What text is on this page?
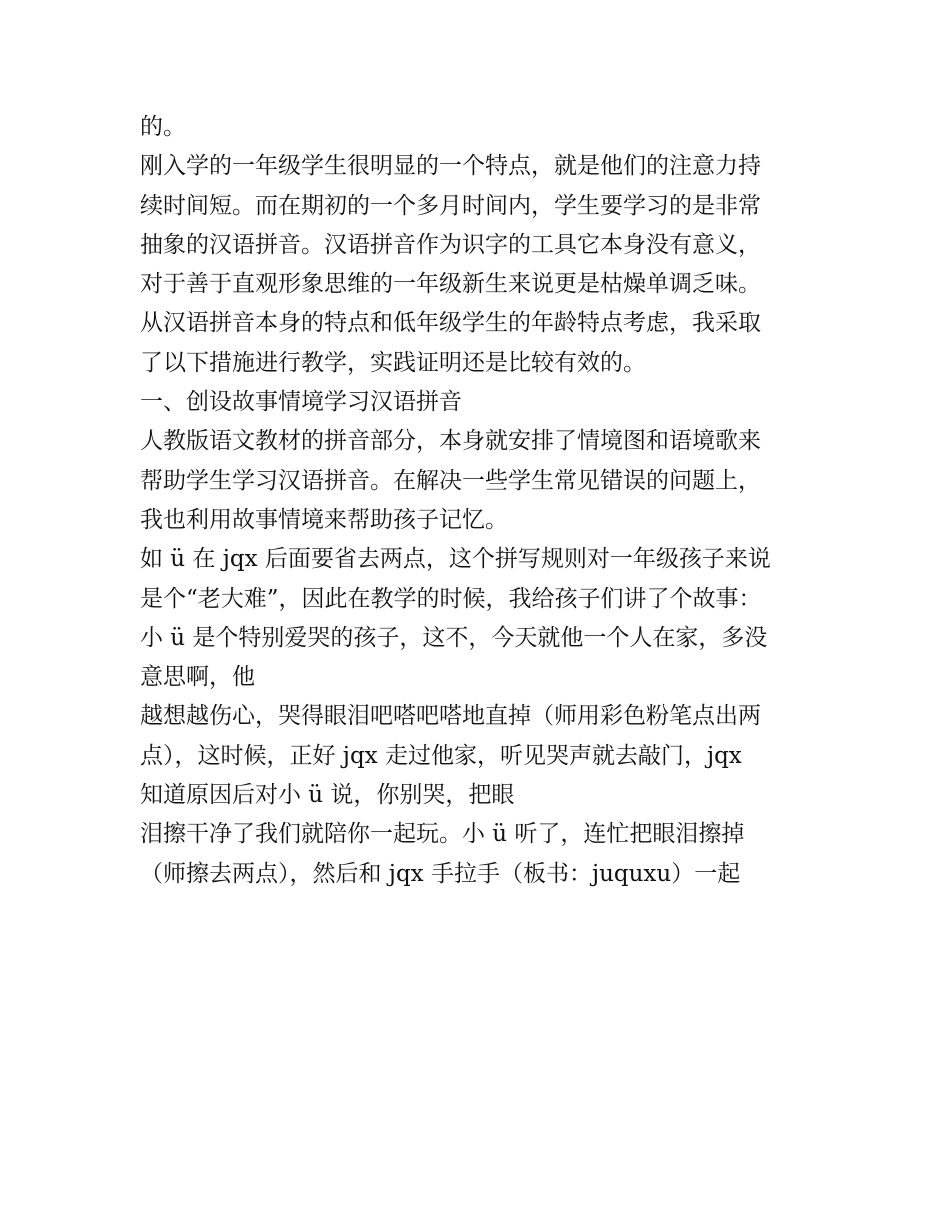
的。

刚入学的一年级学生很明显的一个特点，就是他们的注意力持

续时间短。而在期初的一个多月时间内，学生要学习的是非常

抽象的汉语拼音。汉语拼音作为识字的工具它本身没有意义，

对于善于直观形象思维的一年级新生来说更是枯燥单调乏味。

从汉语拼音本身的特点和低年级学生的年龄特点考虑，我采取

了以下措施进行教学，实践证明还是比较有效的。

一、创设故事情境学习汉语拼音

人教版语文教材的拼音部分，本身就安排了情境图和语境歌来

帮助学生学习汉语拼音。在解决一些学生常见错误的问题上，

我也利用故事情境来帮助孩子记忆。

如 ü 在 jqx 后面要省去两点，这个拼写规则对一年级孩子来说

是个“老大难”，因此在教学的时候，我给孩子们讲了个故事：

小 ü 是个特别爱哭的孩子，这不，今天就他一个人在家，多没

意思啊，他

越想越伤心，哭得眼泪吧嗒吧嗒地直掉（师用彩色粉笔点出两

点），这时候，正好 jqx 走过他家，听见哭声就去敲门，jqx

知道原因后对小 ü 说，你别哭，把眼

泪擦干净了我们就陪你一起玩。小 ü 听了，连忙把眼泪擦掉

（师擦去两点），然后和 jqx 手拉手（板书：juquxu）一起
